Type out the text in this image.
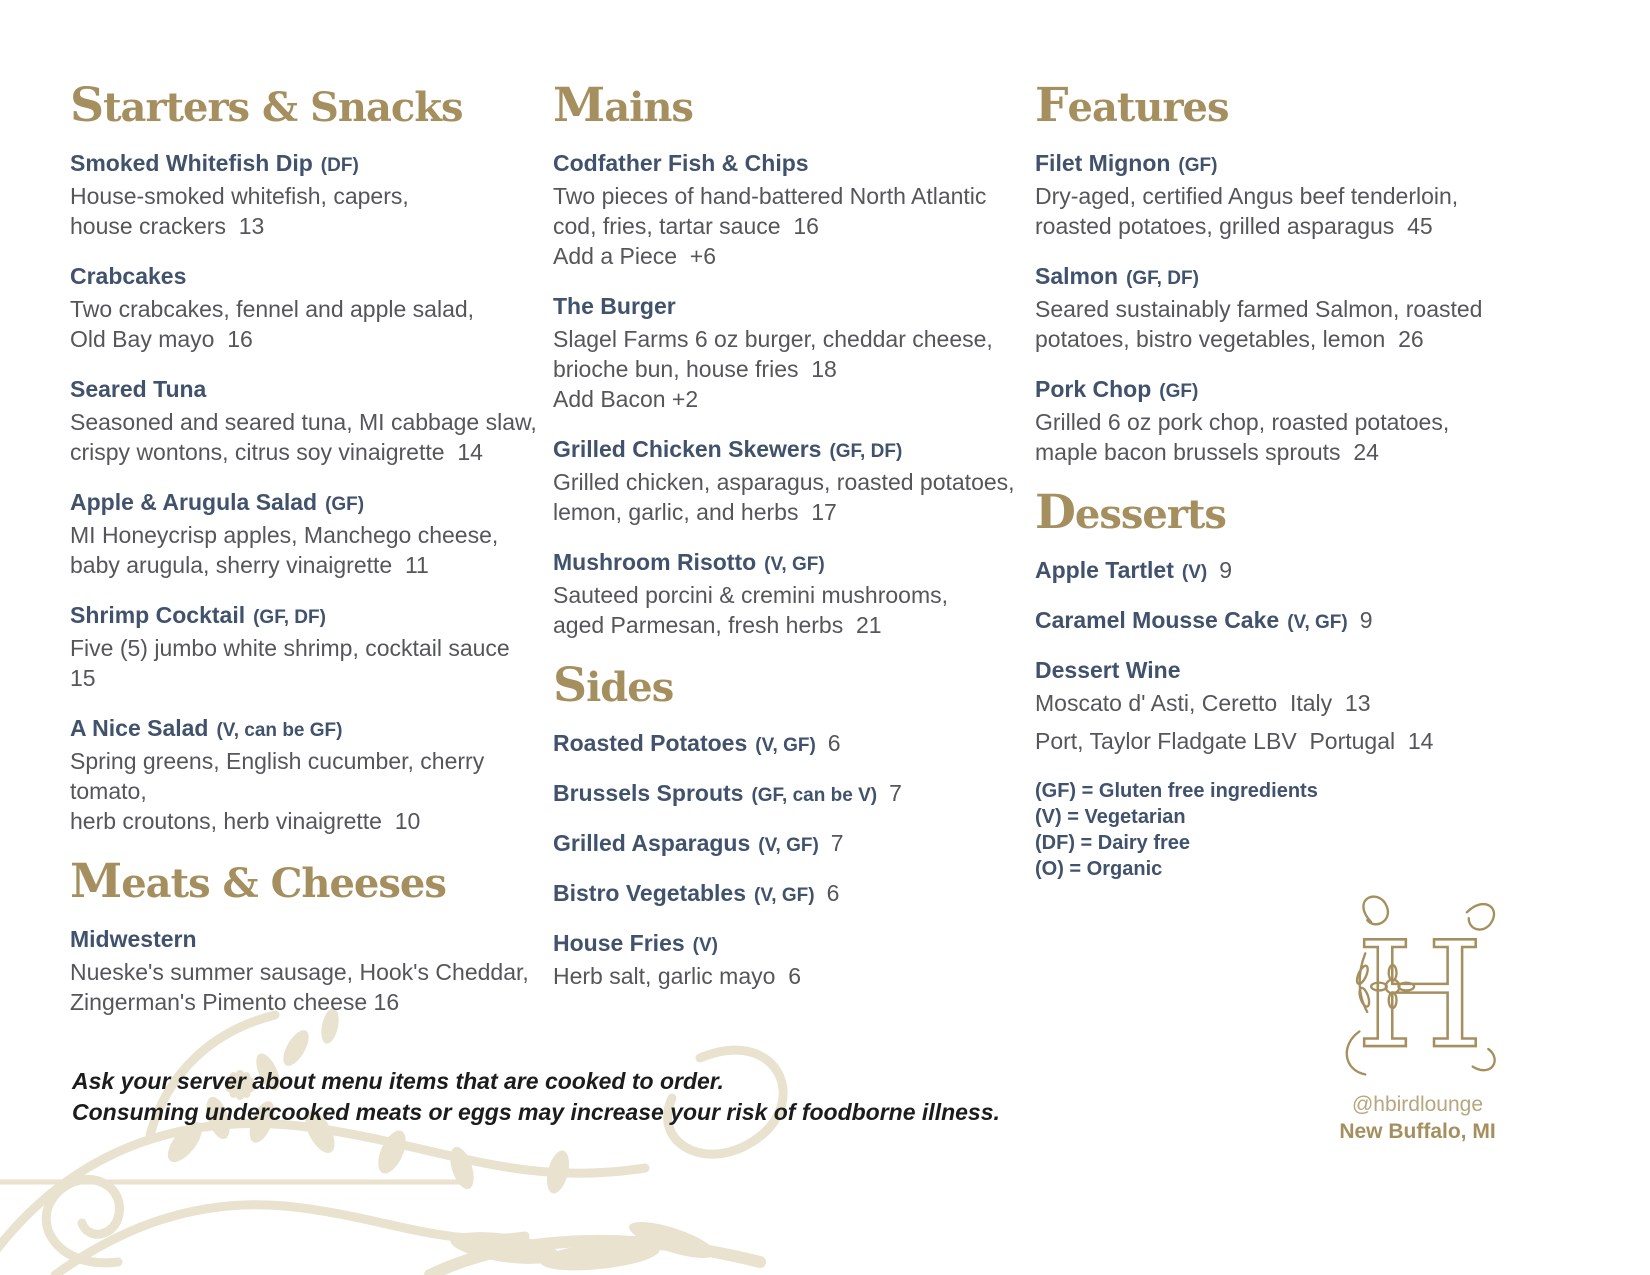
Starters & Snacks
Smoked Whitefish Dip (DF)
House-smoked whitefish, capers,
house crackers  13
Crabcakes
Two crabcakes, fennel and apple salad,
Old Bay mayo  16
Seared Tuna
Seasoned and seared tuna, MI cabbage slaw,
crispy wontons, citrus soy vinaigrette  14
Apple & Arugula Salad (GF)
MI Honeycrisp apples, Manchego cheese,
baby arugula, sherry vinaigrette  11
Shrimp Cocktail (GF, DF)
Five (5) jumbo white shrimp, cocktail sauce  15
A Nice Salad (V, can be GF)
Spring greens, English cucumber, cherry tomato,
herb croutons, herb vinaigrette  10
Meats & Cheeses
Midwestern
Nueske's summer sausage, Hook's Cheddar,
Zingerman's Pimento cheese 16
Mains
Codfather Fish & Chips
Two pieces of hand-battered North Atlantic
cod, fries, tartar sauce  16
Add a Piece  +6
The Burger
Slagel Farms 6 oz burger, cheddar cheese,
brioche bun, house fries  18
Add Bacon +2
Grilled Chicken Skewers (GF, DF)
Grilled chicken, asparagus, roasted potatoes,
lemon, garlic, and herbs  17
Mushroom Risotto (V, GF)
Sauteed porcini & cremini mushrooms,
aged Parmesan, fresh herbs  21
Sides
Roasted Potatoes (V, GF) 6
Brussels Sprouts (GF, can be V) 7
Grilled Asparagus (V, GF) 7
Bistro Vegetables (V, GF) 6
House Fries (V)
Herb salt, garlic mayo  6
Features
Filet Mignon (GF)
Dry-aged, certified Angus beef tenderloin,
roasted potatoes, grilled asparagus  45
Salmon (GF, DF)
Seared sustainably farmed Salmon, roasted
potatoes, bistro vegetables, lemon  26
Pork Chop (GF)
Grilled 6 oz pork chop, roasted potatoes,
maple bacon brussels sprouts  24
Desserts
Apple Tartlet (V) 9
Caramel Mousse Cake (V, GF) 9
Dessert Wine
Moscato d' Asti, Ceretto  Italy  13
Port, Taylor Fladgate LBV  Portugal  14
(GF) = Gluten free ingredients
(V) = Vegetarian
(DF) = Dairy free
(O) = Organic
Ask your server about menu items that are cooked to order.
Consuming undercooked meats or eggs may increase your risk of foodborne illness.
H
@hbirdlounge
New Buffalo, MI
